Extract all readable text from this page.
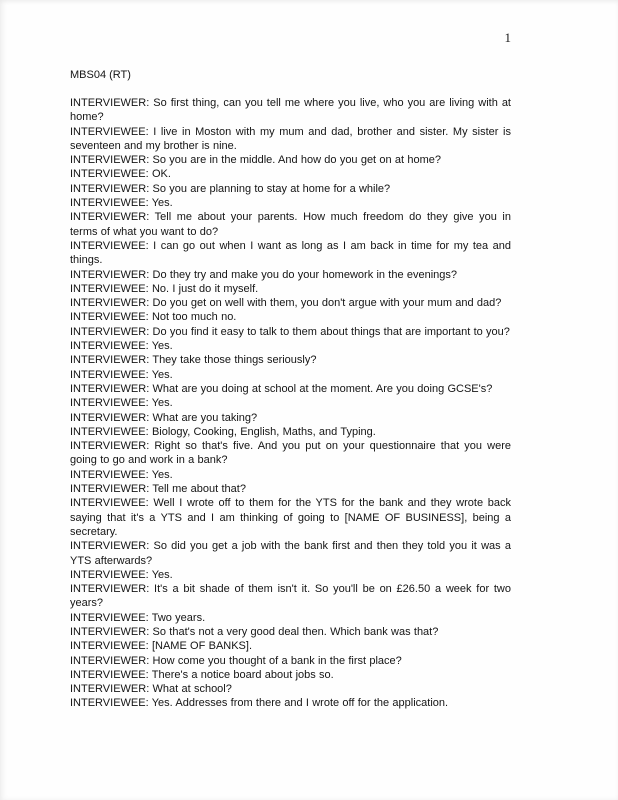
1
MBS04 (RT)

INTERVIEWER: So first thing, can you tell me where you live, who you are living with at home?

INTERVIEWEE: I live in Moston with my mum and dad, brother and sister. My sister is seventeen and my brother is nine.

INTERVIEWER: So you are in the middle. And how do you get on at home?

INTERVIEWEE: OK.

INTERVIEWER: So you are planning to stay at home for a while?

INTERVIEWEE: Yes.

INTERVIEWER: Tell me about your parents. How much freedom do they give you in terms of what you want to do?

INTERVIEWEE: I can go out when I want as long as I am back in time for my tea and things.

INTERVIEWER: Do they try and make you do your homework in the evenings?

INTERVIEWEE: No. I just do it myself.

INTERVIEWER: Do you get on well with them, you don't argue with your mum and dad?

INTERVIEWEE: Not too much no.

INTERVIEWER: Do you find it easy to talk to them about things that are important to you?

INTERVIEWEE: Yes.

INTERVIEWER: They take those things seriously?

INTERVIEWEE: Yes.

INTERVIEWER: What are you doing at school at the moment. Are you doing GCSE's?

INTERVIEWEE: Yes.

INTERVIEWER: What are you taking?

INTERVIEWEE: Biology, Cooking, English, Maths, and Typing.

INTERVIEWER: Right so that's five. And you put on your questionnaire that you were going to go and work in a bank?

INTERVIEWEE: Yes.

INTERVIEWER: Tell me about that?

INTERVIEWEE: Well I wrote off to them for the YTS for the bank and they wrote back saying that it's a YTS and I am thinking of going to [NAME OF BUSINESS], being a secretary.

INTERVIEWER: So did you get a job with the bank first and then they told you it was a YTS afterwards?

INTERVIEWEE: Yes.

INTERVIEWER: It's a bit shade of them isn't it. So you'll be on £26.50 a week for two years?

INTERVIEWEE: Two years.

INTERVIEWER: So that's not a very good deal then. Which bank was that?

INTERVIEWEE: [NAME OF BANKS].

INTERVIEWER: How come you thought of a bank in the first place?

INTERVIEWEE: There's a notice board about jobs so.

INTERVIEWER: What at school?

INTERVIEWEE: Yes. Addresses from there and I wrote off for the application.
